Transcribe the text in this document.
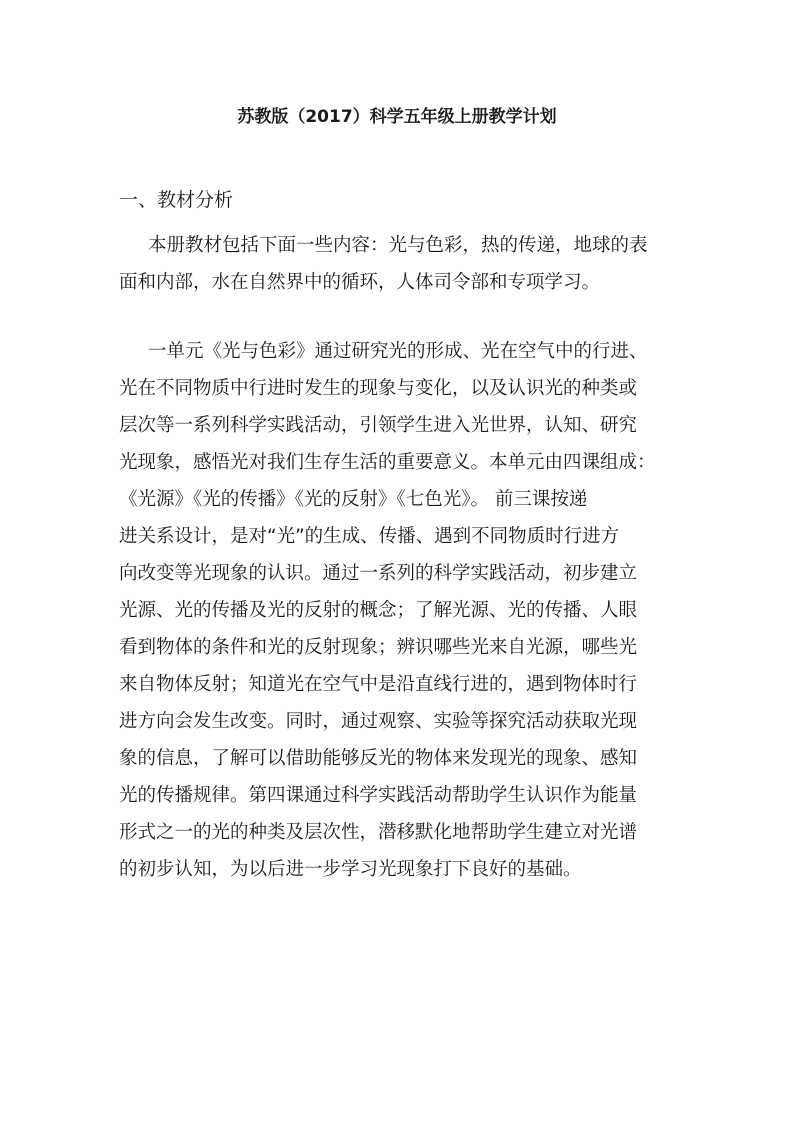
苏教版（2017）科学五年级上册教学计划
一、教材分析
本册教材包括下面一些内容：光与色彩，热的传递，地球的表
面和内部，水在自然界中的循环，人体司令部和专项学习。
一单元《光与色彩》通过研究光的形成、光在空气中的行进、
光在不同物质中行进时发生的现象与变化，以及认识光的种类或
层次等一系列科学实践活动，引领学生进入光世界，认知、研究
光现象，感悟光对我们生存生活的重要意义。本单元由四课组成：
《光源》《光的传播》《光的反射》《七色光》。 前三课按递
进关系设计，是对“光”的生成、传播、遇到不同物质时行进方
向改变等光现象的认识。通过一系列的科学实践活动，初步建立
光源、光的传播及光的反射的概念；了解光源、光的传播、人眼
看到物体的条件和光的反射现象；辨识哪些光来自光源，哪些光
来自物体反射；知道光在空气中是沿直线行进的，遇到物体时行
进方向会发生改变。同时，通过观察、实验等探究活动获取光现
象的信息，了解可以借助能够反光的物体来发现光的现象、感知
光的传播规律。第四课通过科学实践活动帮助学生认识作为能量
形式之一的光的种类及层次性，潜移默化地帮助学生建立对光谱
的初步认知，为以后进一步学习光现象打下良好的基础。
